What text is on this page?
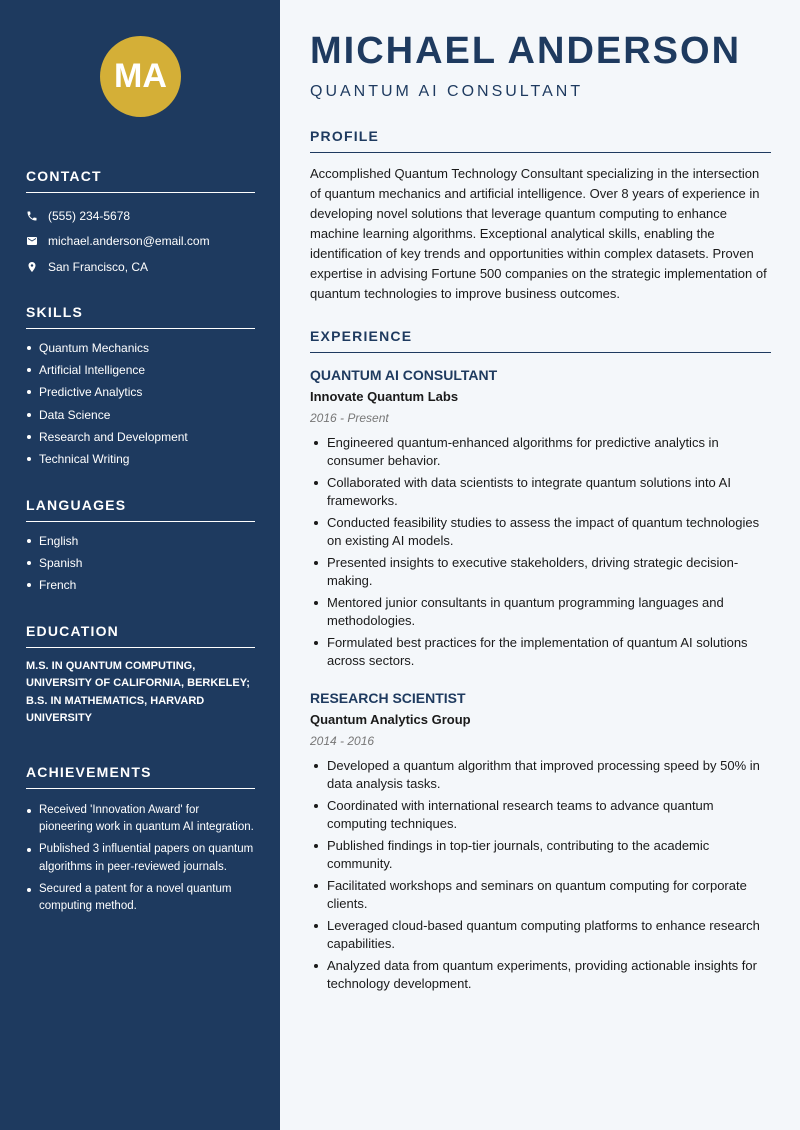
MA
CONTACT
(555) 234-5678
michael.anderson@email.com
San Francisco, CA
SKILLS
Quantum Mechanics
Artificial Intelligence
Predictive Analytics
Data Science
Research and Development
Technical Writing
LANGUAGES
English
Spanish
French
EDUCATION
M.S. IN QUANTUM COMPUTING, UNIVERSITY OF CALIFORNIA, BERKELEY; B.S. IN MATHEMATICS, HARVARD UNIVERSITY
ACHIEVEMENTS
Received 'Innovation Award' for pioneering work in quantum AI integration.
Published 3 influential papers on quantum algorithms in peer-reviewed journals.
Secured a patent for a novel quantum computing method.
MICHAEL ANDERSON
QUANTUM AI CONSULTANT
PROFILE

Accomplished Quantum Technology Consultant specializing in the intersection of quantum mechanics and artificial intelligence. Over 8 years of experience in developing novel solutions that leverage quantum computing to enhance machine learning algorithms. Exceptional analytical skills, enabling the identification of key trends and opportunities within complex datasets. Proven expertise in advising Fortune 500 companies on the strategic implementation of quantum technologies to improve business outcomes.

EXPERIENCE
QUANTUM AI CONSULTANT
Innovate Quantum Labs
2016 - Present
Engineered quantum-enhanced algorithms for predictive analytics in consumer behavior.
Collaborated with data scientists to integrate quantum solutions into AI frameworks.
Conducted feasibility studies to assess the impact of quantum technologies on existing AI models.
Presented insights to executive stakeholders, driving strategic decision-making.
Mentored junior consultants in quantum programming languages and methodologies.
Formulated best practices for the implementation of quantum AI solutions across sectors.
RESEARCH SCIENTIST
Quantum Analytics Group
2014 - 2016
Developed a quantum algorithm that improved processing speed by 50% in data analysis tasks.
Coordinated with international research teams to advance quantum computing techniques.
Published findings in top-tier journals, contributing to the academic community.
Facilitated workshops and seminars on quantum computing for corporate clients.
Leveraged cloud-based quantum computing platforms to enhance research capabilities.
Analyzed data from quantum experiments, providing actionable insights for technology development.
